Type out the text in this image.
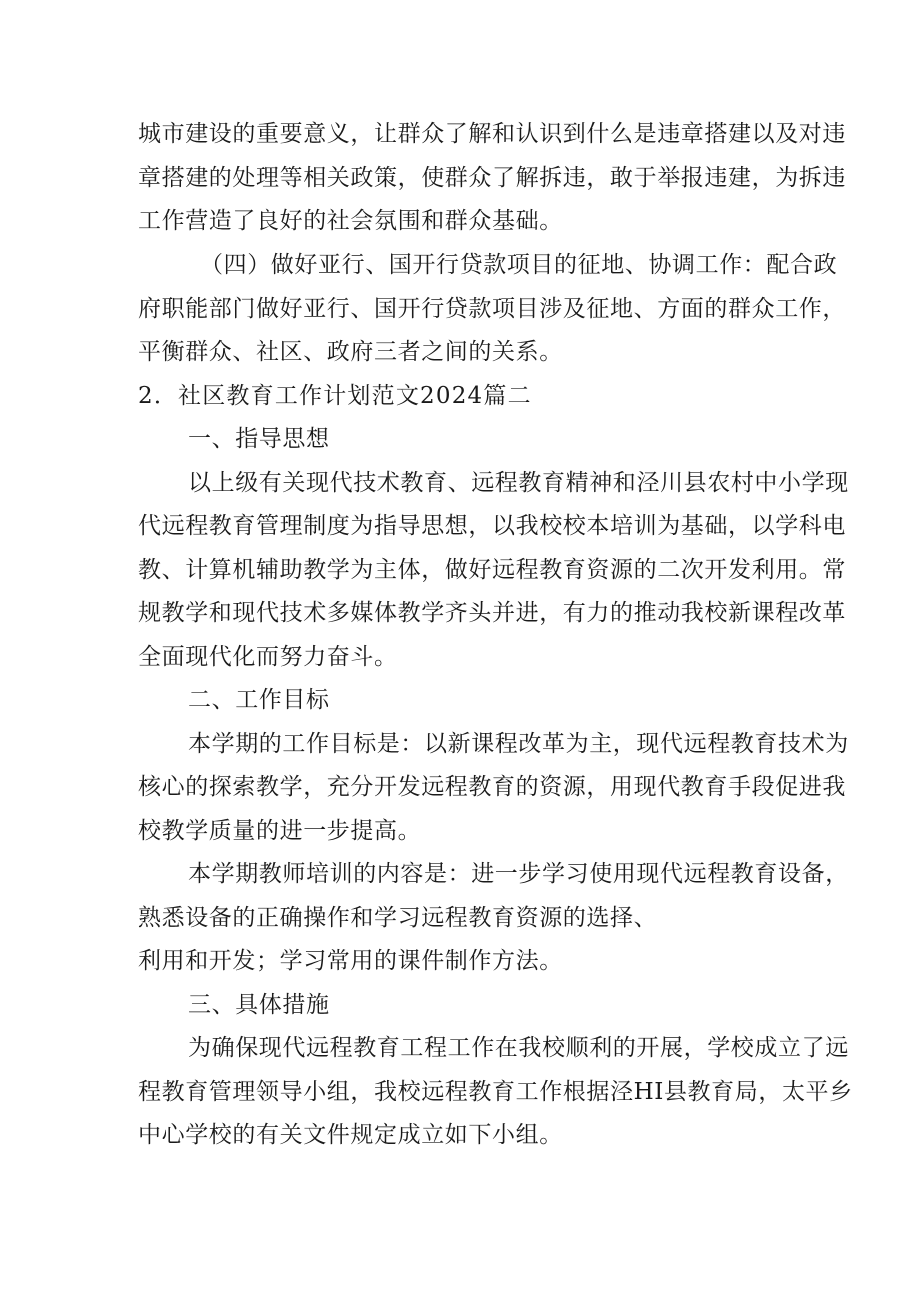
城市建设的重要意义，让群众了解和认识到什么是违章搭建以及对违
章搭建的处理等相关政策，使群众了解拆违，敢于举报违建，为拆违
工作营造了良好的社会氛围和群众基础。
（四）做好亚行、国开行贷款项目的征地、协调工作：配合政
府职能部门做好亚行、国开行贷款项目涉及征地、方面的群众工作，
平衡群众、社区、政府三者之间的关系。
2．社区教育工作计划范文2024篇二
一、指导思想
以上级有关现代技术教育、远程教育精神和泾川县农村中小学现
代远程教育管理制度为指导思想，以我校校本培训为基础，以学科电
教、计算机辅助教学为主体，做好远程教育资源的二次开发利用。常
规教学和现代技术多媒体教学齐头并进，有力的推动我校新课程改革
全面现代化而努力奋斗。
二、工作目标
本学期的工作目标是：以新课程改革为主，现代远程教育技术为
核心的探索教学，充分开发远程教育的资源，用现代教育手段促进我
校教学质量的进一步提高。
本学期教师培训的内容是：进一步学习使用现代远程教育设备，
熟悉设备的正确操作和学习远程教育资源的选择、
利用和开发；学习常用的课件制作方法。
三、具体措施
为确保现代远程教育工程工作在我校顺利的开展，学校成立了远
程教育管理领导小组，我校远程教育工作根据泾HI县教育局，太平乡
中心学校的有关文件规定成立如下小组。
